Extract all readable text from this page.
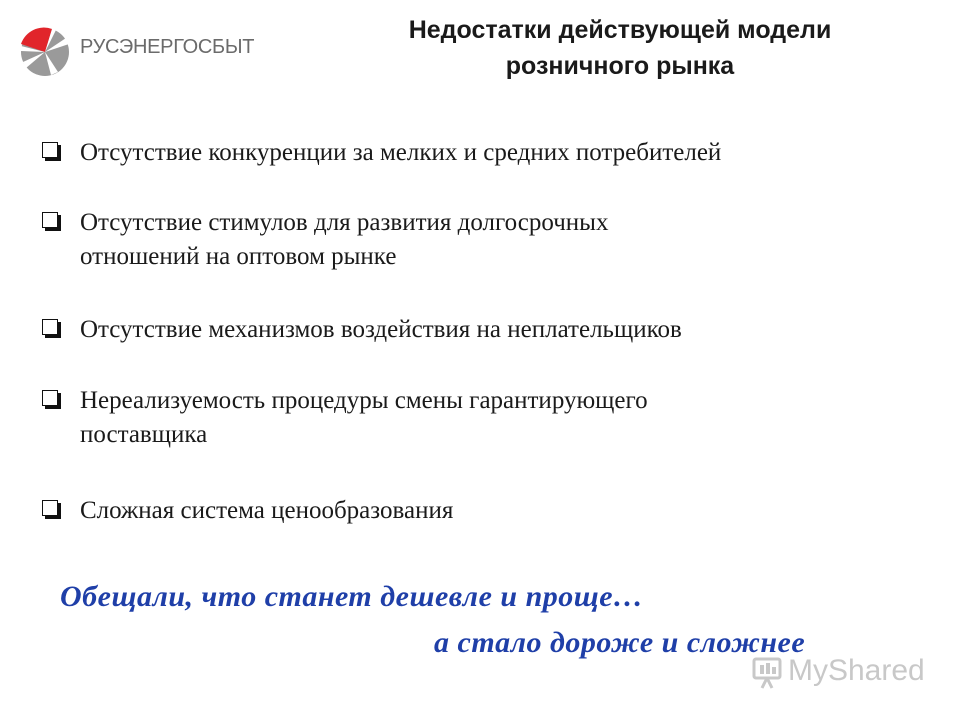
РУСЭНЕРГОСБЫТ
Недостатки действующей модели
розничного рынка
Отсутствие конкуренции за мелких и средних потребителей
Отсутствие стимулов для развития долгосрочных
отношений на оптовом рынке
Отсутствие механизмов воздействия на неплательщиков
Нереализуемость процедуры смены гарантирующего
поставщика
Сложная система ценообразования
Обещали, что станет дешевле и проще…
а стало дороже и сложнее
MyShared
